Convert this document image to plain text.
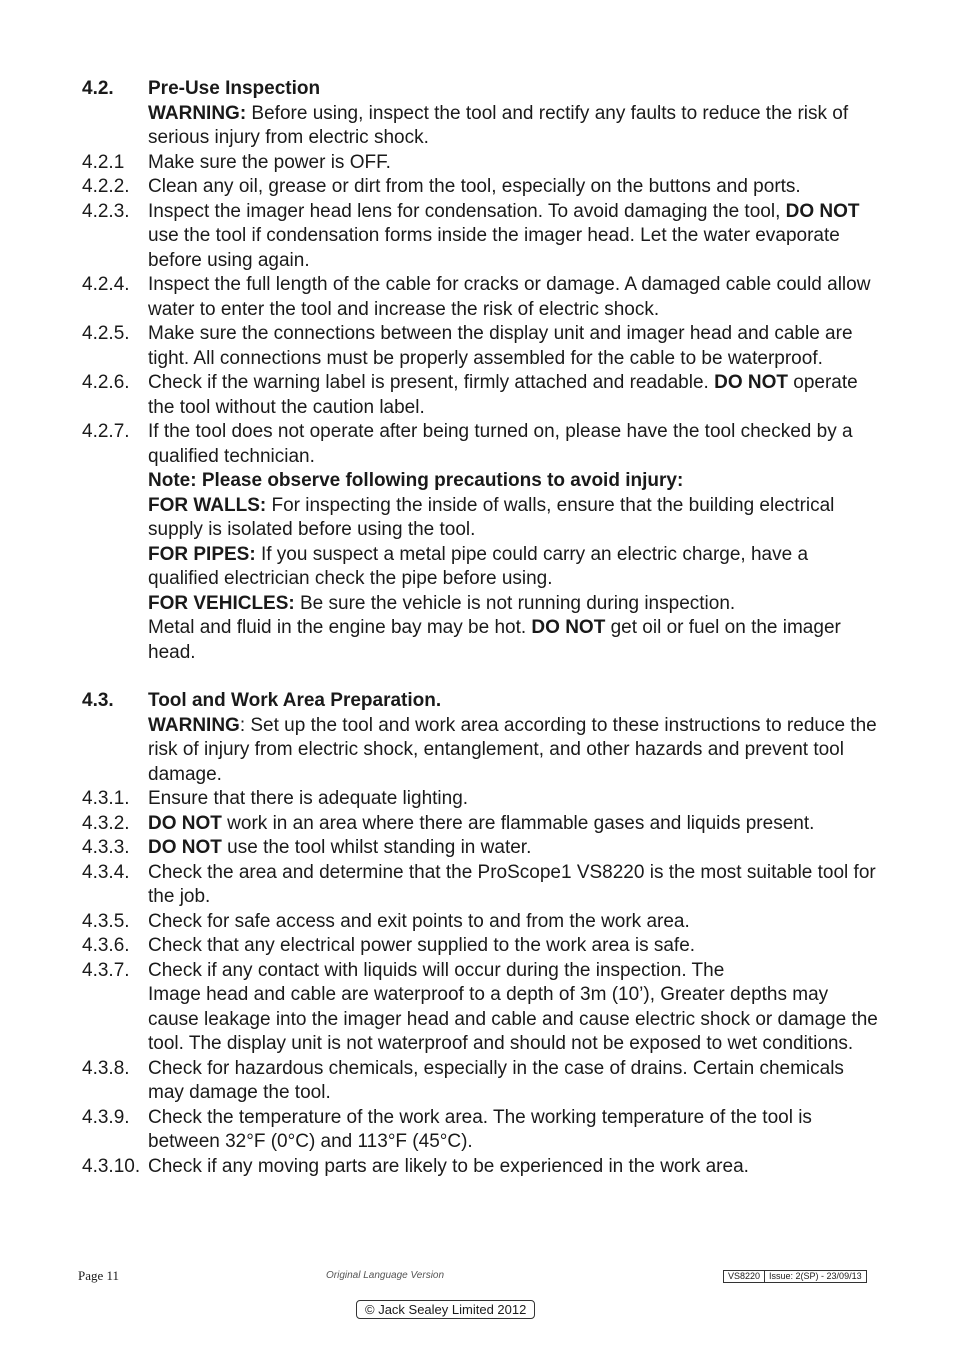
4.2.	Pre-Use Inspection
WARNING: Before using, inspect the tool and rectify any faults to reduce the risk of serious injury from electric shock.
4.2.1	Make sure the power is OFF.
4.2.2. Clean any oil, grease or dirt from the tool, especially on the buttons and ports.
4.2.3. Inspect the imager head lens for condensation. To avoid damaging the tool, DO NOT use the tool if condensation forms inside the imager head. Let the water evaporate before using again.
4.2.4. Inspect the full length of the cable for cracks or damage. A damaged cable could allow water to enter the tool and increase the risk of electric shock.
4.2.5. Make sure the connections between the display unit and imager head and cable are tight. All connections must be properly assembled for the cable to be waterproof.
4.2.6. Check if the warning label is present, firmly attached and readable. DO NOT operate the tool without the caution label.
4.2.7. If the tool does not operate after being turned on, please have the tool checked by a qualified technician.
Note: Please observe following precautions to avoid injury:
FOR WALLS: For inspecting the inside of walls, ensure that the building electrical supply is isolated before using the tool.
FOR PIPES: If you suspect a metal pipe could carry an electric charge, have a qualified electrician check the pipe before using.
FOR VEHICLES: Be sure the vehicle is not running during inspection.
Metal and fluid in the engine bay may be hot. DO NOT get oil or fuel on the imager head.
4.3.	Tool and Work Area Preparation.
WARNING: Set up the tool and work area according to these instructions to reduce the risk of injury from electric shock, entanglement, and other hazards and prevent tool damage.
4.3.1. Ensure that there is adequate lighting.
4.3.2. DO NOT work in an area where there are flammable gases and liquids present.
4.3.3. DO NOT use the tool whilst standing in water.
4.3.4. Check the area and determine that the ProScope1 VS8220 is the most suitable tool for the job.
4.3.5. Check for safe access and exit points to and from the work area.
4.3.6. Check that any electrical power supplied to the work area is safe.
4.3.7. Check if any contact with liquids will occur during the inspection. The
Image head and cable are waterproof to a depth of 3m (10’), Greater depths may cause leakage into the imager head and cable and cause electric shock or damage the tool. The display unit is not waterproof and should not be exposed to wet conditions.
4.3.8. Check for hazardous chemicals, especially in the case of drains. Certain chemicals may damage the tool.
4.3.9. Check the temperature of the work area. The working temperature of the tool is between 32°F (0°C) and 113°F (45°C).
4.3.10. Check if any moving parts are likely to be experienced in the work area.
Page 11	Original Language Version	VS8220	Issue: 2(SP) - 23/09/13
© Jack Sealey Limited 2012
